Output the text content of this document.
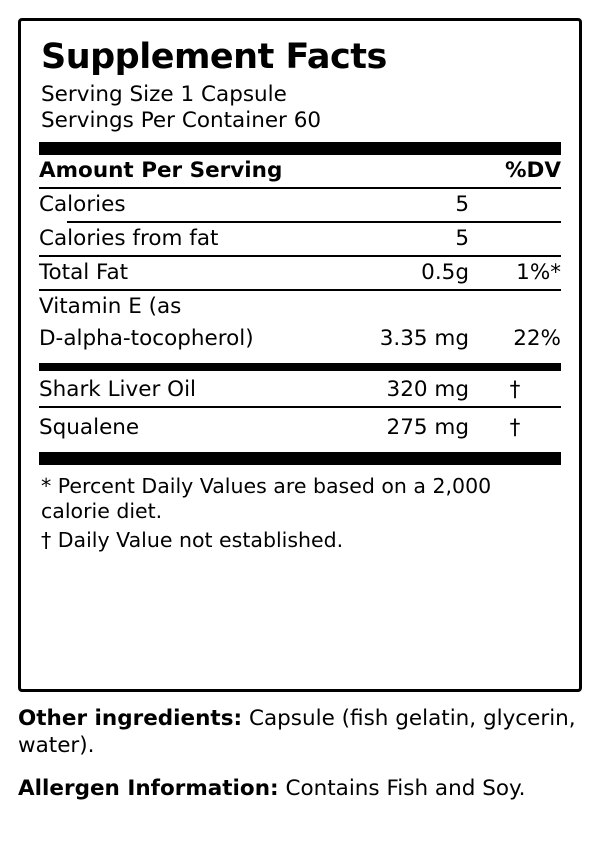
Supplement Facts
Serving Size 1 Capsule
Servings Per Container 60
Amount Per Serving		%DV
Calories	5	

Calories from fat	5	
Total Fat	0.5g	1%*
Vitamin E (as		
D-alpha-tocopherol)	3.35 mg	22%
Shark Liver Oil	320 mg	†
Squalene	275 mg	†
* Percent Daily Values are based on a 2,000 calorie diet.
† Daily Value not established.
Other ingredients: Capsule (fish gelatin, glycerin, water).
Allergen Information: Contains Fish and Soy.
